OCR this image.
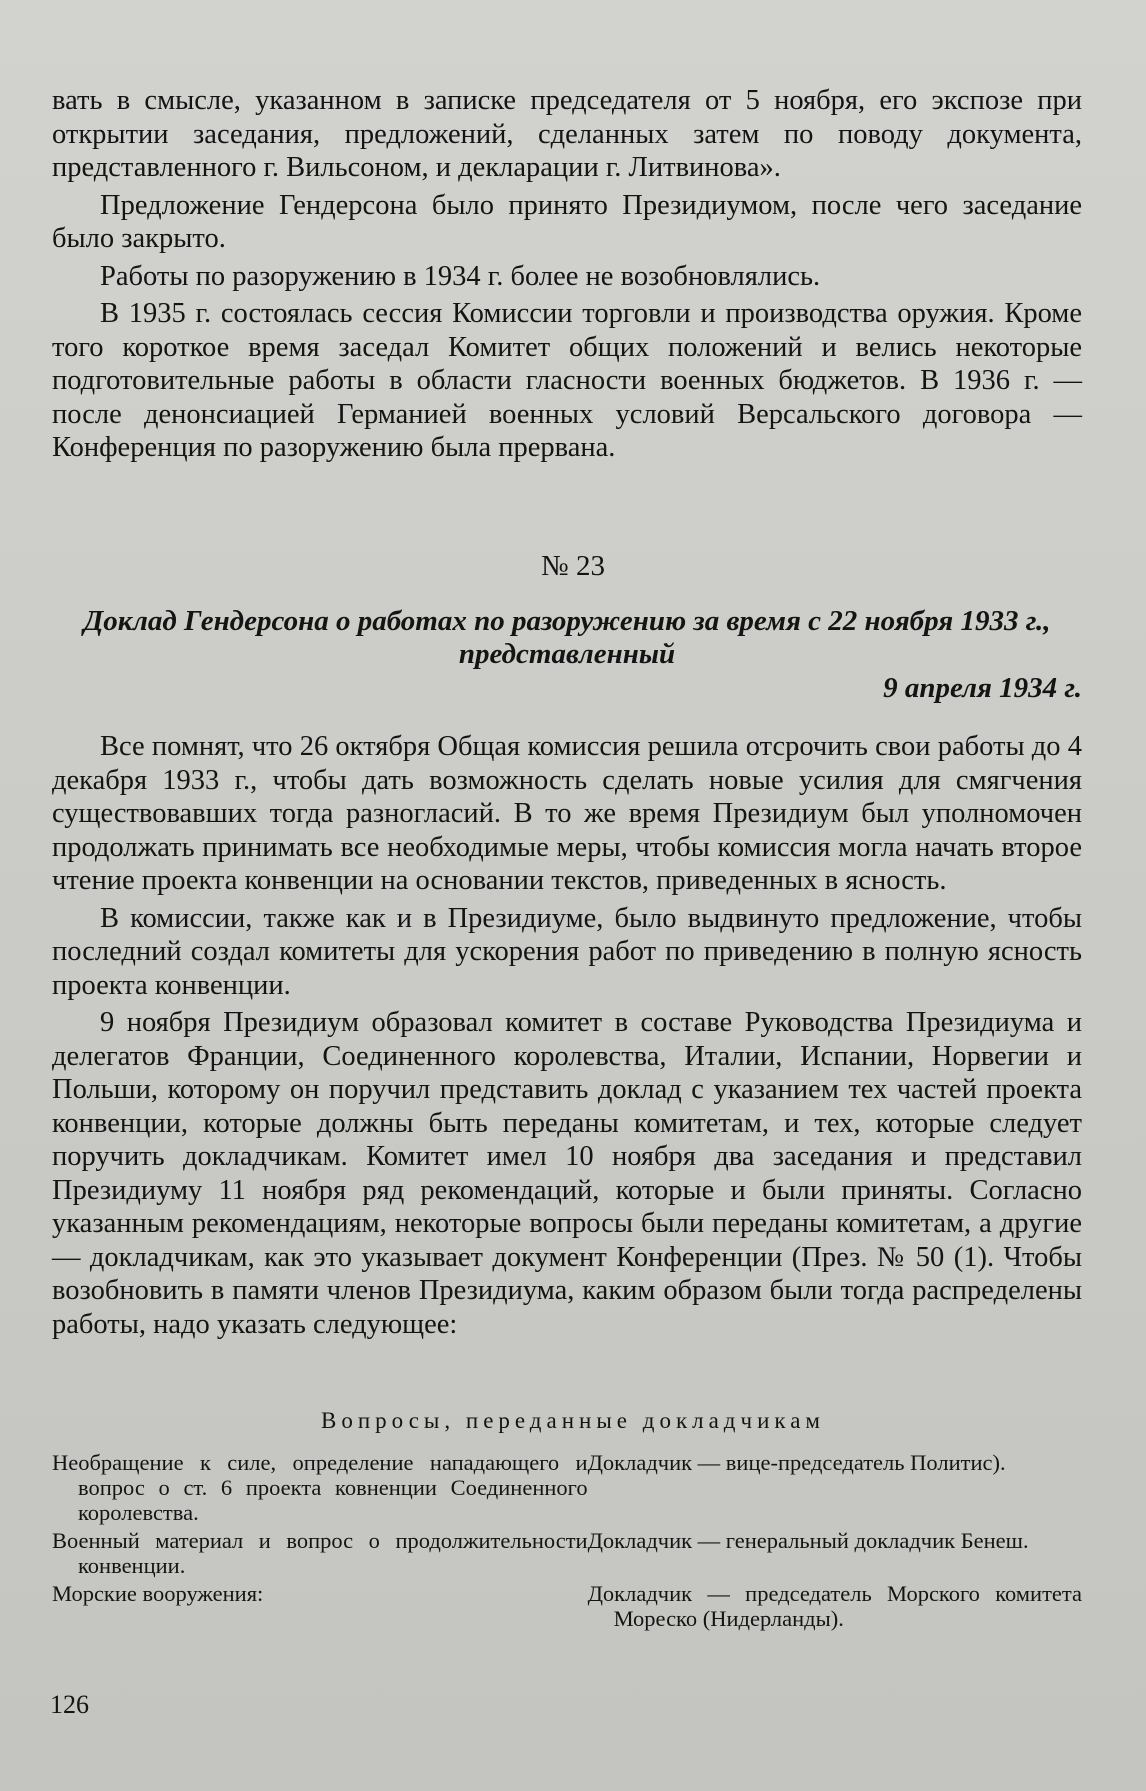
вать в смысле, указанном в записке председателя от 5 ноября, его экспозе при открытии заседания, предложений, сделанных затем по поводу документа, представленного г. Вильсоном, и декларации г. Литвинова».

Предложение Гендерсона было принято Президиумом, после чего заседание было закрыто.

Работы по разоружению в 1934 г. более не возобновлялись.

В 1935 г. состоялась сессия Комиссии торговли и производства оружия. Кроме того короткое время заседал Комитет общих положений и велись некоторые подготовительные работы в области гласности военных бюджетов. В 1936 г. — после денонсиацией Германией военных условий Версальского договора — Конференция по разоружению была прервана.

№ 23
Доклад Гендерсона о работах по разоружению за время с 22 ноября 1933 г., представленный
9 апреля 1934 г.

Все помнят, что 26 октября Общая комиссия решила отсрочить свои работы до 4 декабря 1933 г., чтобы дать возможность сделать новые усилия для смягчения существовавших тогда разногласий. В то же время Президиум был уполномочен продолжать принимать все необходимые меры, чтобы комиссия могла начать второе чтение проекта конвенции на основании текстов, приведенных в ясность.

В комиссии, также как и в Президиуме, было выдвинуто предложение, чтобы последний создал комитеты для ускорения работ по приведению в полную ясность проекта конвенции.

9 ноября Президиум образовал комитет в составе Руководства Президиума и делегатов Франции, Соединенного королевства, Италии, Испании, Норвегии и Польши, которому он поручил представить доклад с указанием тех частей проекта конвенции, которые должны быть переданы комитетам, и тех, которые следует поручить докладчикам. Комитет имел 10 ноября два заседания и представил Президиуму 11 ноября ряд рекомендаций, которые и были приняты. Согласно указанным рекомендациям, некоторые вопросы были переданы комитетам, а другие — докладчикам, как это указывает документ Конференции (През. № 50 (1). Чтобы возобновить в памяти членов Президиума, каким образом были тогда распределены работы, надо указать следующее:

Вопросы, переданные докладчикам
Необращение к силе, определение нападающего и вопрос о ст. 6 проекта ковненции Соединенного королевства.
Докладчик — вице-председатель Политис).
Военный материал и вопрос о продолжительности конвенции.
Докладчик — генеральный докладчик Бенеш.
Морские вооружения:	Докладчик — председатель Морского комитета Мореско (Нидерланды).
126
